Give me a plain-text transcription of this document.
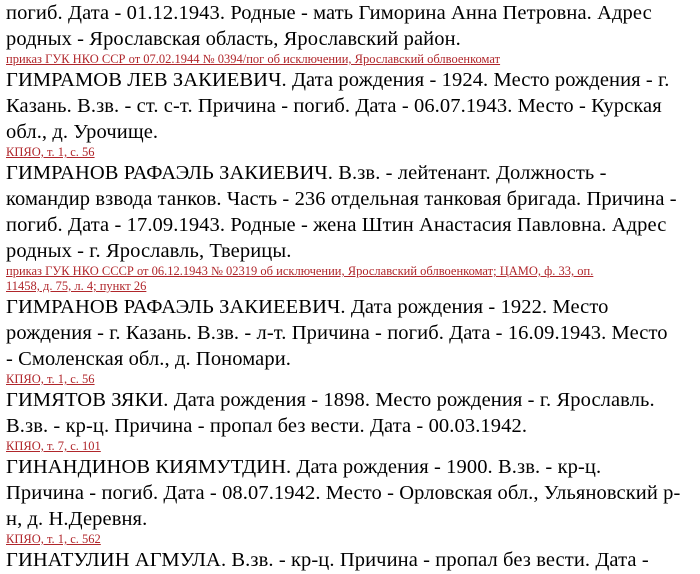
погиб. Дата - 01.12.1943. Родные - мать Гиморина Анна Петровна. Адрес
родных - Ярославская область, Ярославский район.
приказ ГУК НКО ССР от 07.02.1944 № 0394/пог об исключении, Ярославский облвоенкомат
ГИМРАМОВ ЛЕВ ЗАКИЕВИЧ. Дата рождения - 1924. Место рождения - г.
Казань. В.зв. - ст. с-т. Причина - погиб. Дата - 06.07.1943. Место - Курская
обл., д. Урочище.
КПЯО, т. 1, с. 56
ГИМРАНОВ РАФАЭЛЬ ЗАКИЕВИЧ. В.зв. - лейтенант. Должность -
командир взвода танков. Часть - 236 отдельная танковая бригада. Причина -
погиб. Дата - 17.09.1943. Родные - жена Штин Анастасия Павловна. Адрес
родных - г. Ярославль, Тверицы.
приказ ГУК НКО СССР от 06.12.1943 № 02319 об исключении, Ярославский облвоенкомат; ЦАМО, ф. 33, оп.
11458, д. 75, л. 4; пункт 26
ГИМРАНОВ РАФАЭЛЬ ЗАКИЕЕВИЧ. Дата рождения - 1922. Место
рождения - г. Казань. В.зв. - л-т. Причина - погиб. Дата - 16.09.1943. Место
- Смоленская обл., д. Пономари.
КПЯО, т. 1, с. 56
ГИМЯТОВ ЗЯКИ. Дата рождения - 1898. Место рождения - г. Ярославль.
В.зв. - кр-ц. Причина - пропал без вести. Дата - 00.03.1942.
КПЯО, т. 7, с. 101
ГИНАНДИНОВ КИЯМУТДИН. Дата рождения - 1900. В.зв. - кр-ц.
Причина - погиб. Дата - 08.07.1942. Место - Орловская обл., Ульяновский р-
н, д. Н.Деревня.
КПЯО, т. 1, с. 562
ГИНАТУЛИН АГМУЛА. В.зв. - кр-ц. Причина - пропал без вести. Дата -
